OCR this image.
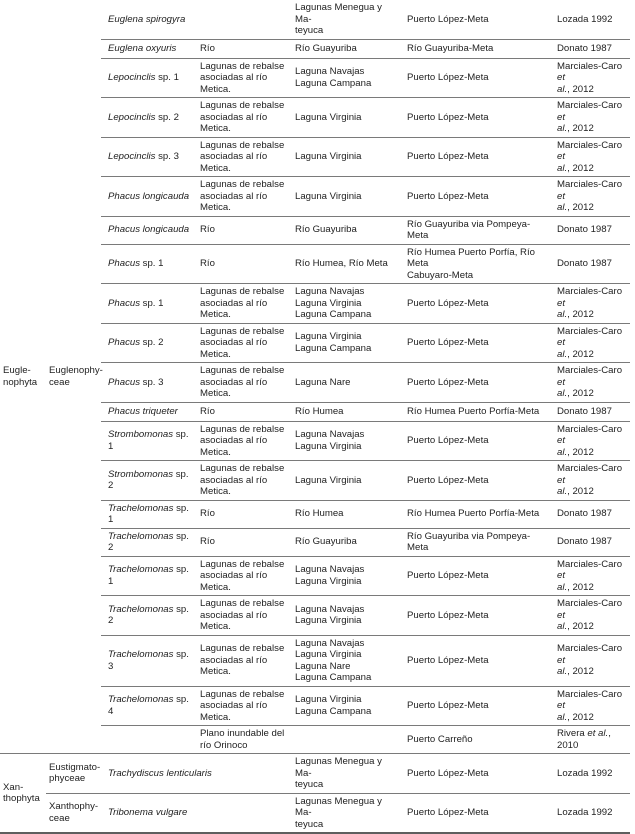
Eugle-
nophyta	Euglenophy-
ceae	Euglena spirogyra		Lagunas Menegua y Ma-
teyuca	Puerto López-Meta	Lozada 1992
		Euglena oxyuris	Río	Río Guayuriba	Río Guayuriba-Meta	Donato 1987
		Lepocinclis sp. 1	Lagunas de rebalse
asociadas al río
Metica.	Laguna Navajas
Laguna Campana	Puerto López-Meta	Marciales-Caro et
al., 2012
		Lepocinclis sp. 2	Lagunas de rebalse
asociadas al río
Metica.	Laguna Virginia	Puerto López-Meta	Marciales-Caro et
al., 2012
		Lepocinclis sp. 3	Lagunas de rebalse
asociadas al río
Metica.	Laguna Virginia	Puerto López-Meta	Marciales-Caro et
al., 2012
		Phacus longicauda	Lagunas de rebalse
asociadas al río
Metica.	Laguna Virginia	Puerto López-Meta	Marciales-Caro et
al., 2012
		Phacus longicauda	Río	Río Guayuriba	Río Guayuriba via Pompeya-Meta	Donato 1987
		Phacus sp. 1	Río	Río Humea, Río Meta	Río Humea Puerto Porfía, Río Meta
Cabuyaro-Meta	Donato 1987
		Phacus sp. 1	Lagunas de rebalse
asociadas al río
Metica.	Laguna Navajas
Laguna Virginia
Laguna Campana	Puerto López-Meta	Marciales-Caro et
al., 2012
		Phacus sp. 2	Lagunas de rebalse
asociadas al río
Metica.	Laguna Virginia
Laguna Campana	Puerto López-Meta	Marciales-Caro et
al., 2012
		Phacus sp. 3	Lagunas de rebalse
asociadas al río
Metica.	Laguna Nare	Puerto López-Meta	Marciales-Caro et
al., 2012
		Phacus triqueter	Río	Río Humea	Río Humea Puerto Porfía-Meta	Donato 1987
		Strombomonas sp. 1	Lagunas de rebalse
asociadas al río
Metica.	Laguna Navajas
Laguna Virginia	Puerto López-Meta	Marciales-Caro et
al., 2012
		Strombomonas sp. 2	Lagunas de rebalse
asociadas al río
Metica.	Laguna Virginia	Puerto López-Meta	Marciales-Caro et
al., 2012
		Trachelomonas sp. 1	Río	Río Humea	Río Humea Puerto Porfía-Meta	Donato 1987
		Trachelomonas sp. 2	Río	Río Guayuriba	Río Guayuriba via Pompeya-Meta	Donato 1987
		Trachelomonas sp. 1	Lagunas de rebalse
asociadas al río
Metica.	Laguna Navajas
Laguna Virginia	Puerto López-Meta	Marciales-Caro et
al., 2012
		Trachelomonas sp. 2	Lagunas de rebalse
asociadas al río
Metica.	Laguna Navajas
Laguna Virginia	Puerto López-Meta	Marciales-Caro et
al., 2012
		Trachelomonas sp. 3	Lagunas de rebalse
asociadas al río
Metica.	Laguna Navajas
Laguna Virginia
Laguna Nare
Laguna Campana	Puerto López-Meta	Marciales-Caro et
al., 2012
		Trachelomonas sp. 4	Lagunas de rebalse
asociadas al río
Metica.	Laguna Virginia
Laguna Campana	Puerto López-Meta	Marciales-Caro et
al., 2012
			Plano inundable del
río Orinoco		Puerto Carreño	Rivera et al., 2010
Xan-
thophyta	Eustigmato-
phyceae	Trachydiscus lenticularis		Lagunas Menegua y Ma-
teyuca	Puerto López-Meta	Lozada 1992
	Xanthophy-
ceae	Tribonema vulgare		Lagunas Menegua y Ma-
teyuca	Puerto López-Meta	Lozada 1992
